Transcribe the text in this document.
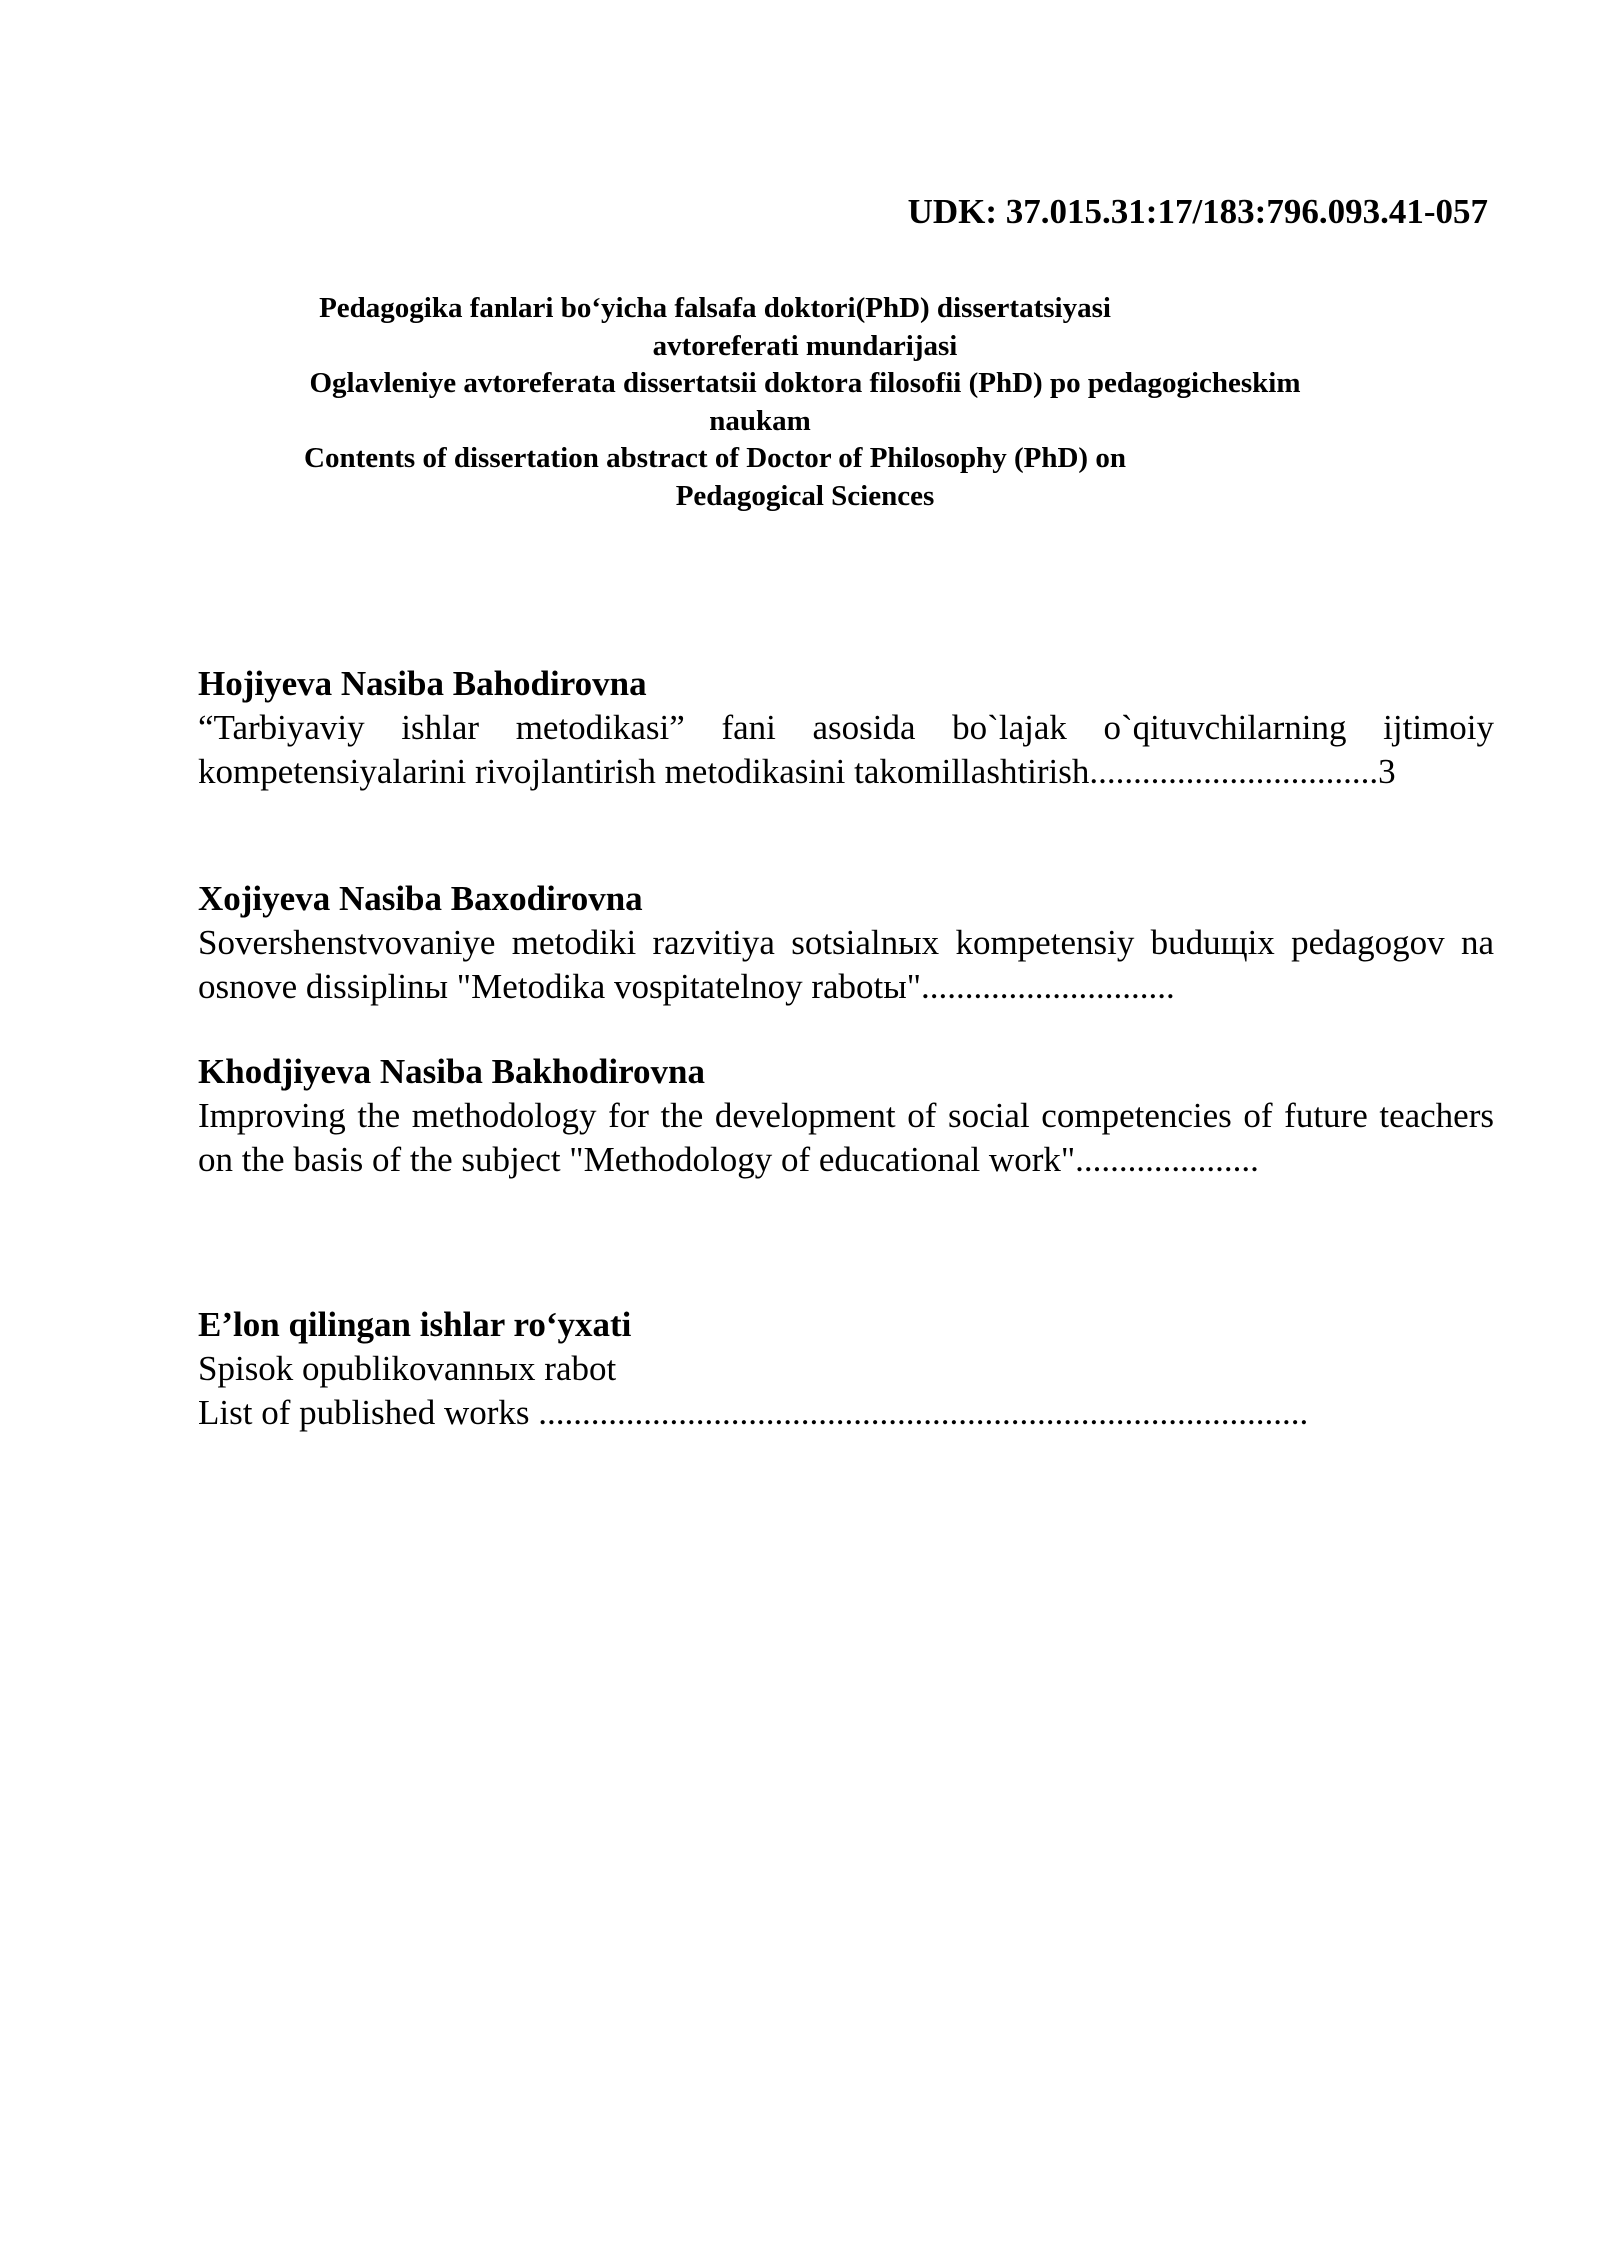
UDK: 37.015.31:17/183:796.093.41-057
Pedagogika fanlari bo‘yicha falsafa doktori(PhD) dissertatsiyasi
avtoreferati mundarijasi
Oglavleniye avtoreferata dissertatsii doktora filosofii (PhD) po pedagogicheskim
naukam
Contents of dissertation abstract of Doctor of Philosophy (PhD) on
Pedagogical Sciences
Hojiyeva Nasiba Bahodirovna
“Tarbiyaviy ishlar metodikasi” fani asosida bo`lajak o`qituvchilarning ijtimoiy kompetensiyalarini rivojlantirish metodikasini takomillashtirish.................................3
Xojiyeva Nasiba Baxodirovna
Sovershenstvovaniye metodiki razvitiya sotsialnыx kompetensiy buduщix pedagogov na osnove dissiplinы "Metodika vospitatelnoy rabotы".............................
Khodjiyeva Nasiba Bakhodirovna
Improving the methodology for the development of social competencies of future teachers on the basis of the subject "Methodology of educational work".....................
E’lon qilingan ishlar ro‘yxati
Spisok opublikovannых rabot
List of published works ........................................................................................
